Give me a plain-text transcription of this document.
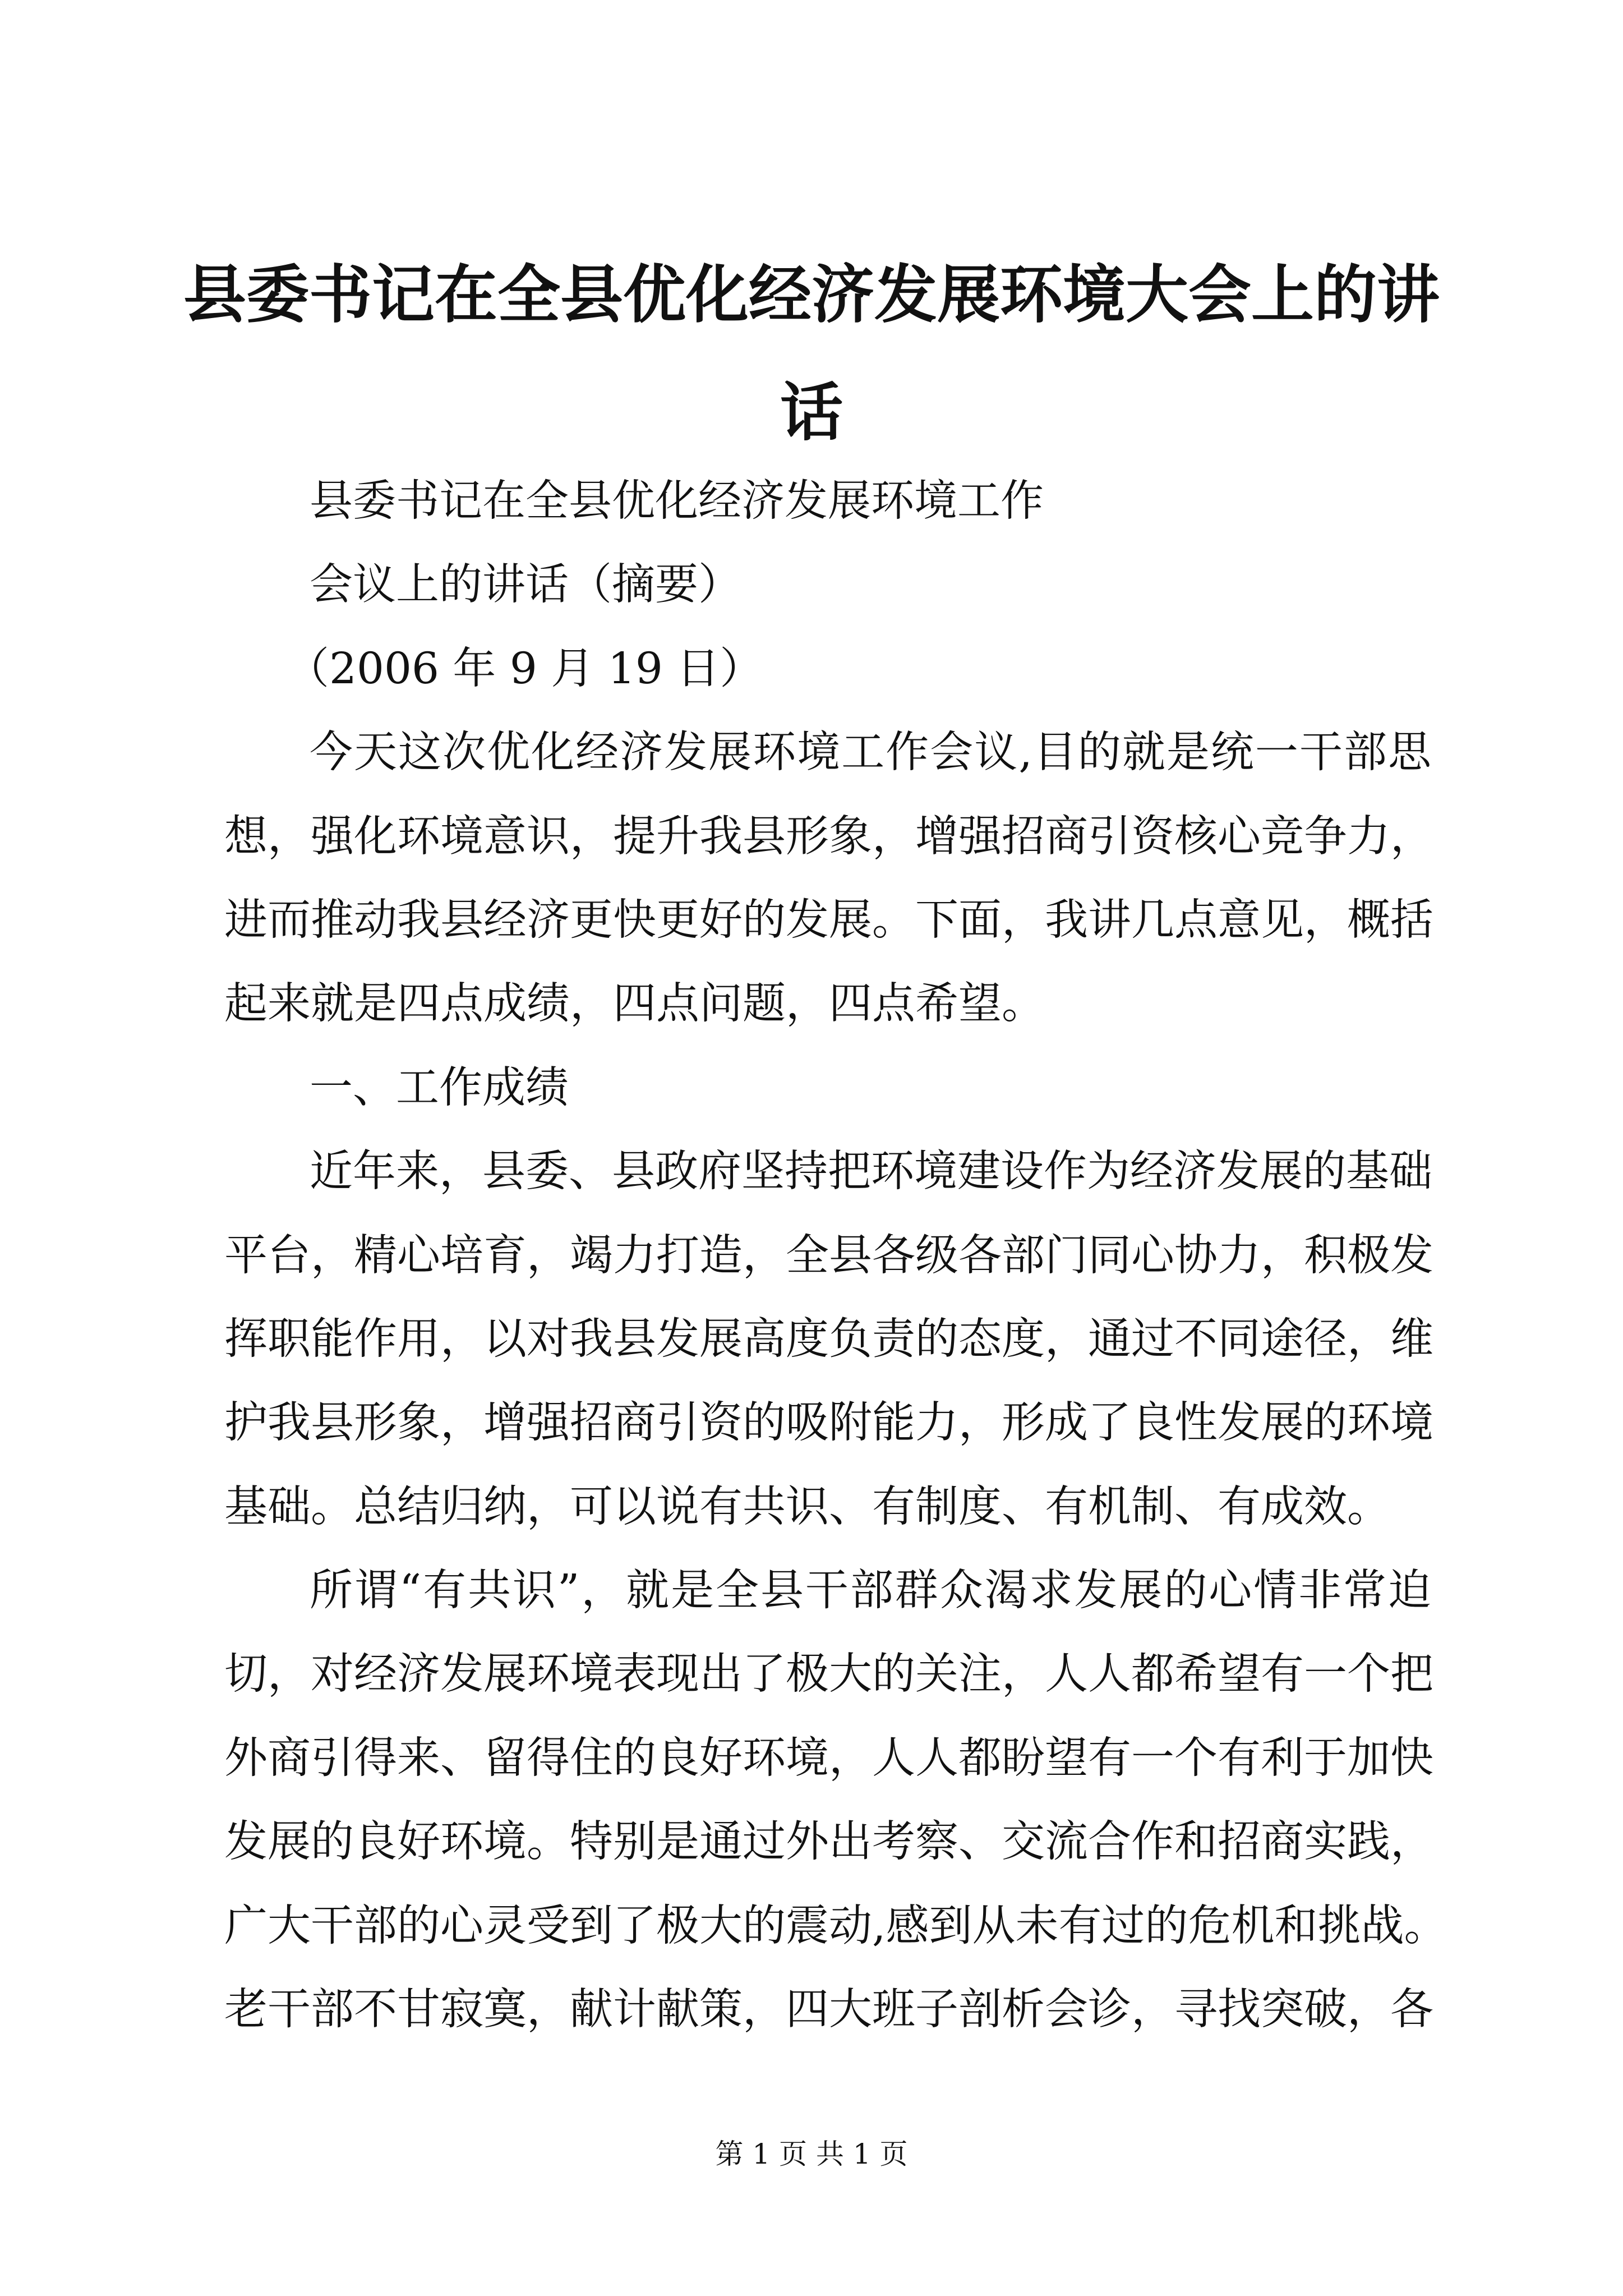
县委书记在全县优化经济发展环境大会上的讲
话
县委书记在全县优化经济发展环境工作
会议上的讲话（摘要）
（2006 年 9 月 19 日）
今天这次优化经济发展环境工作会议,目的就是统一干部思
想，强化环境意识，提升我县形象，增强招商引资核心竞争力，
进而推动我县经济更快更好的发展。下面，我讲几点意见，概括
起来就是四点成绩，四点问题，四点希望。
一、工作成绩
近年来，县委、县政府坚持把环境建设作为经济发展的基础
平台，精心培育，竭力打造，全县各级各部门同心协力，积极发
挥职能作用，以对我县发展高度负责的态度，通过不同途径，维
护我县形象，增强招商引资的吸附能力，形成了良性发展的环境
基础。总结归纳，可以说有共识、有制度、有机制、有成效。
所谓“有共识”，就是全县干部群众渴求发展的心情非常迫
切，对经济发展环境表现出了极大的关注，人人都希望有一个把
外商引得来、留得住的良好环境，人人都盼望有一个有利于加快
发展的良好环境。特别是通过外出考察、交流合作和招商实践，
广大干部的心灵受到了极大的震动,感到从未有过的危机和挑战。
老干部不甘寂寞，献计献策，四大班子剖析会诊，寻找突破，各
第 1 页 共 1 页
